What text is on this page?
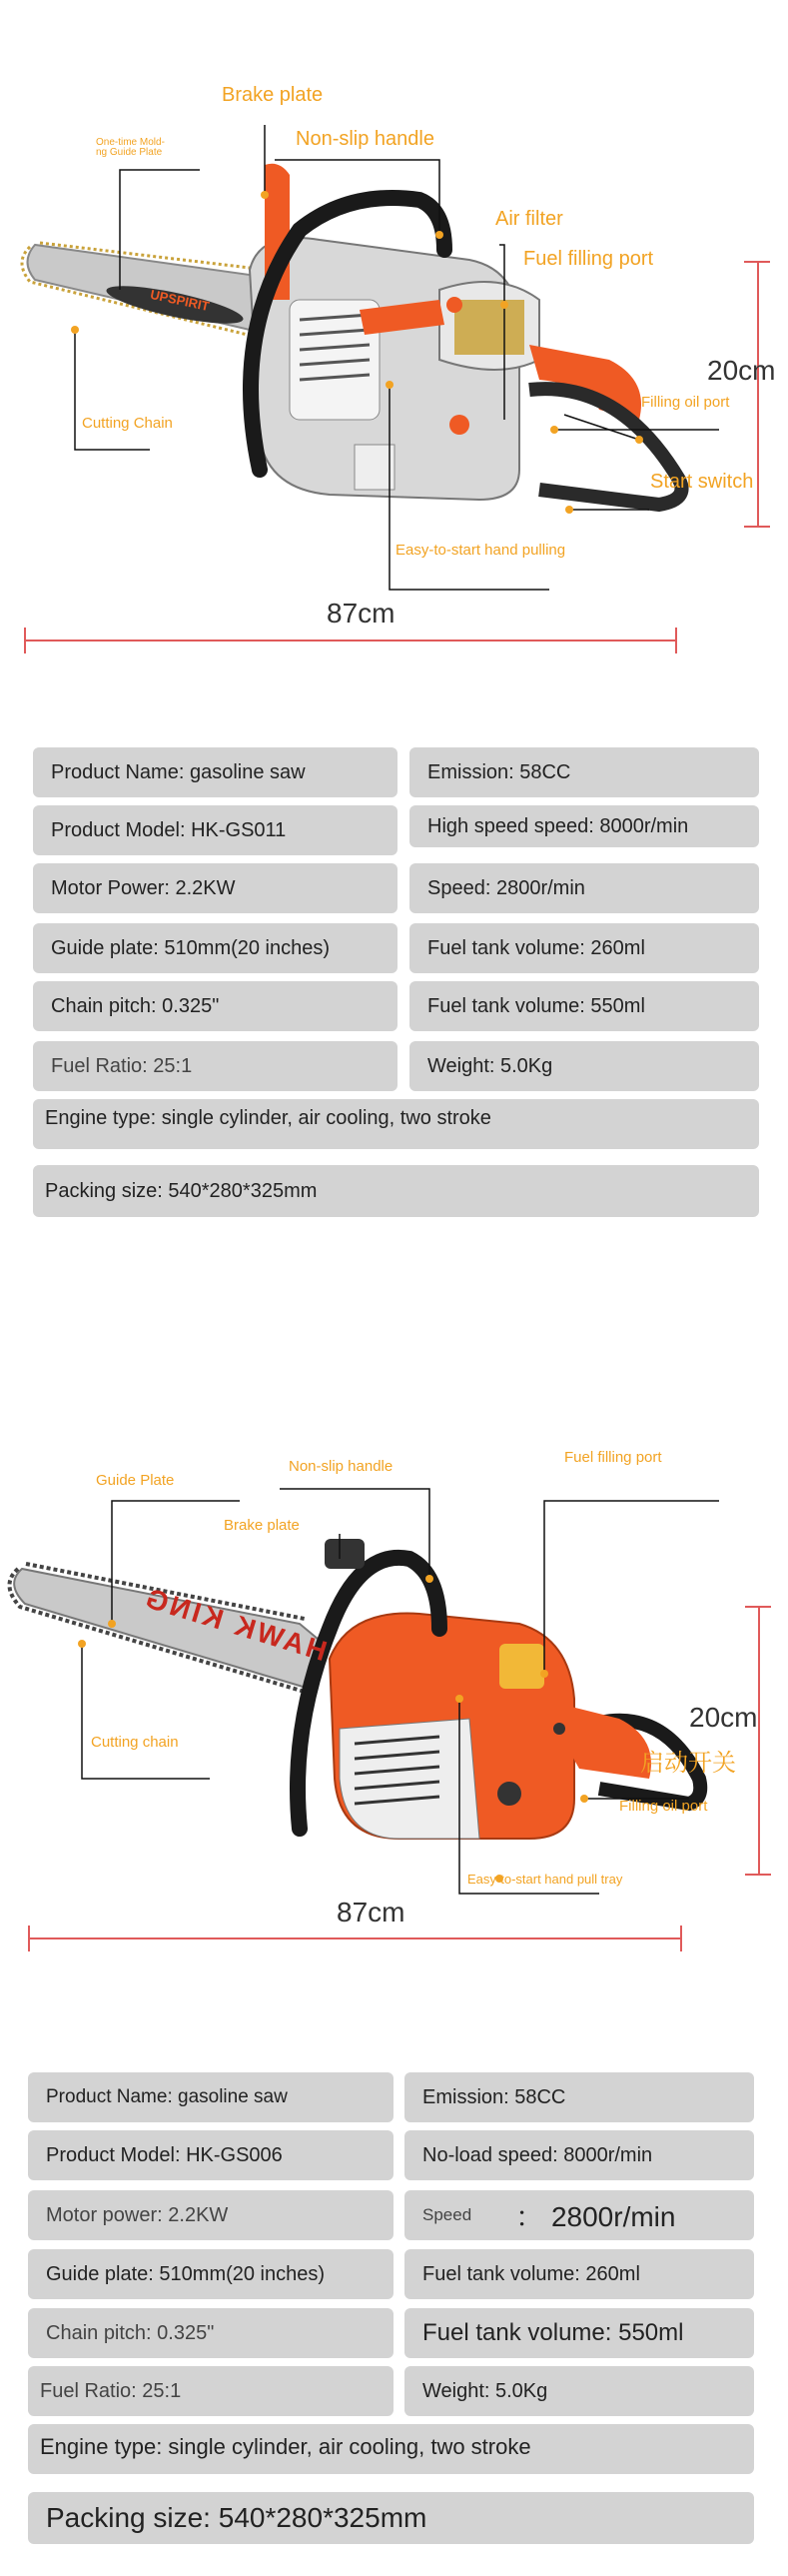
UPSPIRIT
Brake plate
One-time Mold-
ng Guide Plate
Non-slip handle
Air filter
Fuel filling port
Filling oil port
Start switch
Cutting Chain
Easy-to-start hand pulling
20cm
87cm
Product Name: gasoline saw	Emission: 58CC
Product Model: HK-GS011	High speed speed: 8000r/min
Motor Power: 2.2KW	Speed: 2800r/min
Guide plate: 510mm(20 inches)	Fuel tank volume: 260ml
Chain pitch: 0.325"	Fuel tank volume: 550ml
Fuel Ratio: 25:1	Weight: 5.0Kg
Engine type: single cylinder, air cooling, two stroke
Packing size: 540*280*325mm
HAWK KING
Guide Plate
Non-slip handle
Brake plate
Fuel filling port
启动开关
Filling oil port
Cutting chain
Easy-to-start hand pull tray
20cm
87cm
Product Name: gasoline saw	Emission: 58CC
Product Model: HK-GS006	No-load speed: 8000r/min
Motor power: 2.2KW	Speed ： 2800r/min
Guide plate: 510mm(20 inches)	Fuel tank volume: 260ml
Chain pitch: 0.325"	Fuel tank volume: 550ml
Fuel Ratio: 25:1	Weight: 5.0Kg
Engine type: single cylinder, air cooling, two stroke
Packing size: 540*280*325mm
